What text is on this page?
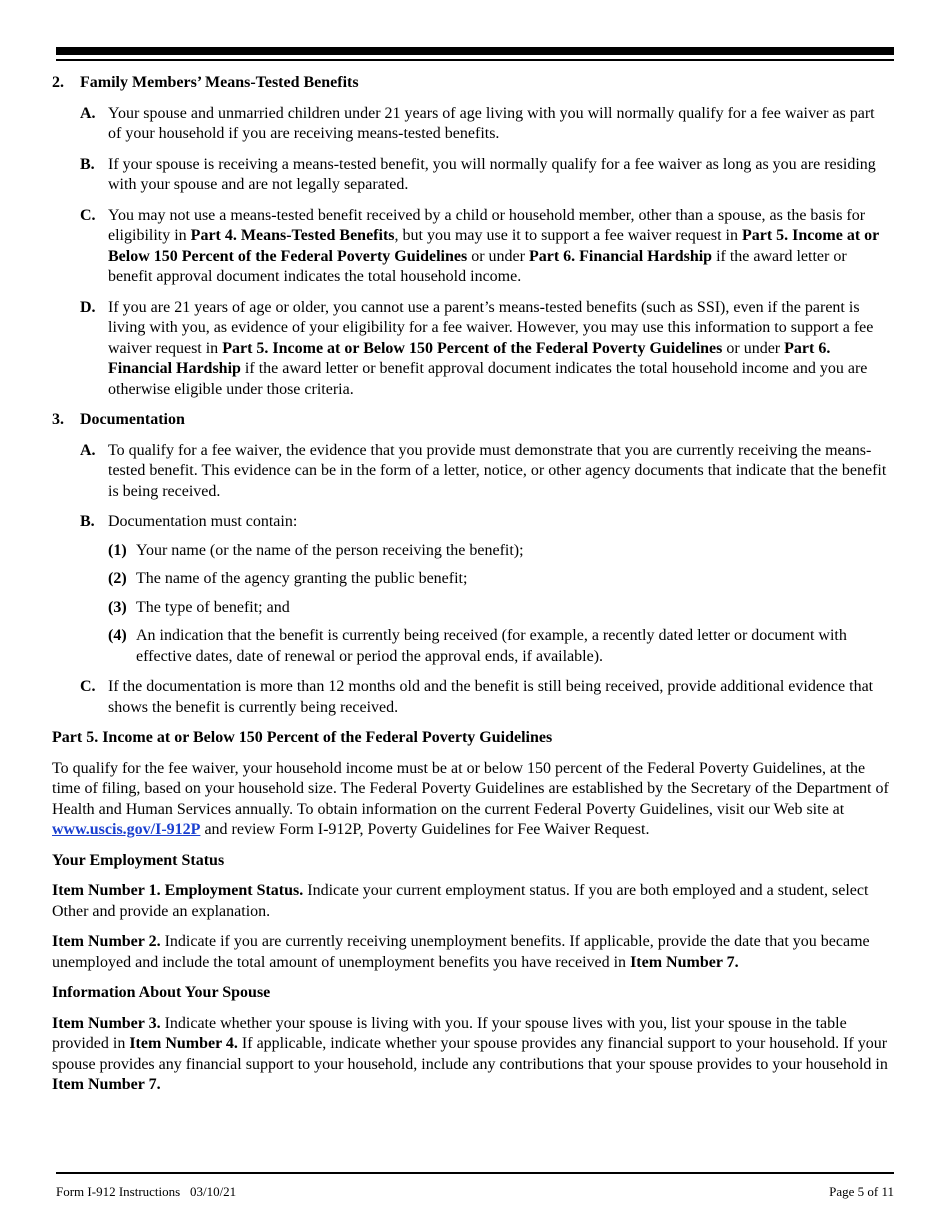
2.	Family Members’ Means-Tested Benefits
A. Your spouse and unmarried children under 21 years of age living with you will normally qualify for a fee waiver as part of your household if you are receiving means-tested benefits.
B. If your spouse is receiving a means-tested benefit, you will normally qualify for a fee waiver as long as you are residing with your spouse and are not legally separated.
C. You may not use a means-tested benefit received by a child or household member, other than a spouse, as the basis for eligibility in Part 4. Means-Tested Benefits, but you may use it to support a fee waiver request in Part 5. Income at or Below 150 Percent of the Federal Poverty Guidelines or under Part 6. Financial Hardship if the award letter or benefit approval document indicates the total household income.
D. If you are 21 years of age or older, you cannot use a parent’s means-tested benefits (such as SSI), even if the parent is living with you, as evidence of your eligibility for a fee waiver. However, you may use this information to support a fee waiver request in Part 5. Income at or Below 150 Percent of the Federal Poverty Guidelines or under Part 6. Financial Hardship if the award letter or benefit approval document indicates the total household income and you are otherwise eligible under those criteria.
3.	Documentation
A. To qualify for a fee waiver, the evidence that you provide must demonstrate that you are currently receiving the means-tested benefit. This evidence can be in the form of a letter, notice, or other agency documents that indicate that the benefit is being received.
B. Documentation must contain:
(1) Your name (or the name of the person receiving the benefit);
(2) The name of the agency granting the public benefit;
(3) The type of benefit; and
(4) An indication that the benefit is currently being received (for example, a recently dated letter or document with effective dates, date of renewal or period the approval ends, if available).
C. If the documentation is more than 12 months old and the benefit is still being received, provide additional evidence that shows the benefit is currently being received.
Part 5. Income at or Below 150 Percent of the Federal Poverty Guidelines

To qualify for the fee waiver, your household income must be at or below 150 percent of the Federal Poverty Guidelines, at the time of filing, based on your household size. The Federal Poverty Guidelines are established by the Secretary of the Department of Health and Human Services annually. To obtain information on the current Federal Poverty Guidelines, visit our Web site at www.uscis.gov/I-912P and review Form I-912P, Poverty Guidelines for Fee Waiver Request.

Your Employment Status

Item Number 1. Employment Status. Indicate your current employment status. If you are both employed and a student, select Other and provide an explanation.

Item Number 2. Indicate if you are currently receiving unemployment benefits. If applicable, provide the date that you became unemployed and include the total amount of unemployment benefits you have received in Item Number 7.

Information About Your Spouse

Item Number 3. Indicate whether your spouse is living with you. If your spouse lives with you, list your spouse in the table provided in Item Number 4. If applicable, indicate whether your spouse provides any financial support to your household. If your spouse provides any financial support to your household, include any contributions that your spouse provides to your household in Item Number 7.

Form I-912 Instructions   03/10/21	Page 5 of 11
